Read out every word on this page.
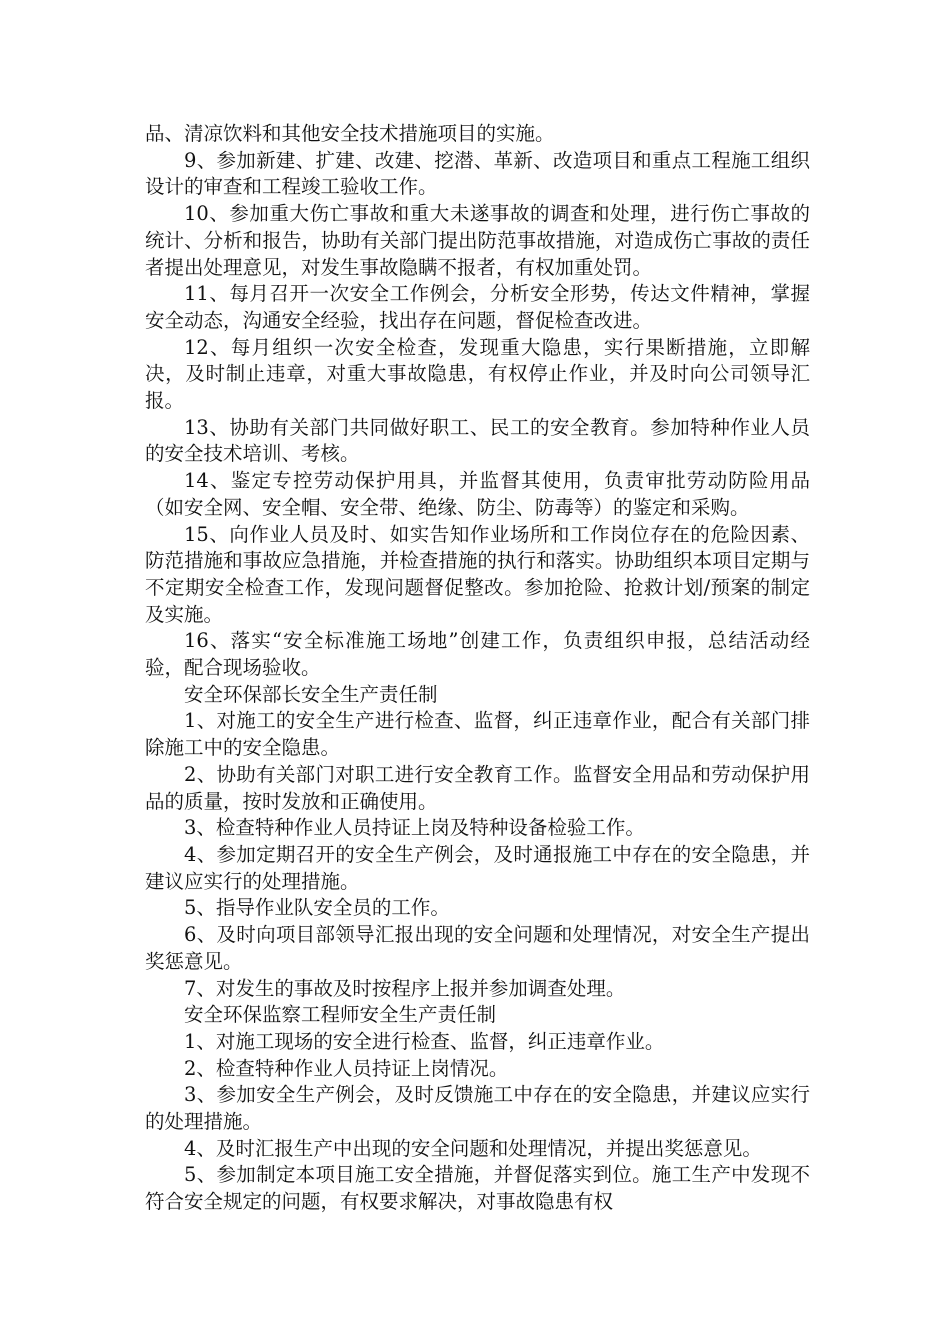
品、清凉饮料和其他安全技术措施项目的实施。

9、参加新建、扩建、改建、挖潜、革新、改造项目和重点工程施工组织设计的审查和工程竣工验收工作。

10、参加重大伤亡事故和重大未遂事故的调查和处理，进行伤亡事故的统计、分析和报告，协助有关部门提出防范事故措施，对造成伤亡事故的责任者提出处理意见，对发生事故隐瞒不报者，有权加重处罚。

11、每月召开一次安全工作例会，分析安全形势，传达文件精神，掌握安全动态，沟通安全经验，找出存在问题，督促检查改进。

12、每月组织一次安全检查，发现重大隐患，实行果断措施，立即解决，及时制止违章，对重大事故隐患，有权停止作业，并及时向公司领导汇报。

13、协助有关部门共同做好职工、民工的安全教育。参加特种作业人员的安全技术培训、考核。

14、鉴定专控劳动保护用具，并监督其使用，负责审批劳动防险用品（如安全网、安全帽、安全带、绝缘、防尘、防毒等）的鉴定和采购。

15、向作业人员及时、如实告知作业场所和工作岗位存在的危险因素、防范措施和事故应急措施，并检查措施的执行和落实。协助组织本项目定期与不定期安全检查工作，发现问题督促整改。参加抢险、抢救计划/预案的制定及实施。

16、落实“安全标准施工场地”创建工作，负责组织申报，总结活动经验，配合现场验收。

安全环保部长安全生产责任制

1、对施工的安全生产进行检查、监督，纠正违章作业，配合有关部门排除施工中的安全隐患。

2、协助有关部门对职工进行安全教育工作。监督安全用品和劳动保护用品的质量，按时发放和正确使用。

3、检查特种作业人员持证上岗及特种设备检验工作。

4、参加定期召开的安全生产例会，及时通报施工中存在的安全隐患，并建议应实行的处理措施。

5、指导作业队安全员的工作。

6、及时向项目部领导汇报出现的安全问题和处理情况，对安全生产提出奖惩意见。

7、对发生的事故及时按程序上报并参加调查处理。

安全环保监察工程师安全生产责任制

1、对施工现场的安全进行检查、监督，纠正违章作业。

2、检查特种作业人员持证上岗情况。

3、参加安全生产例会，及时反馈施工中存在的安全隐患，并建议应实行的处理措施。

4、及时汇报生产中出现的安全问题和处理情况，并提出奖惩意见。

5、参加制定本项目施工安全措施，并督促落实到位。施工生产中发现不符合安全规定的问题，有权要求解决，对事故隐患有权
